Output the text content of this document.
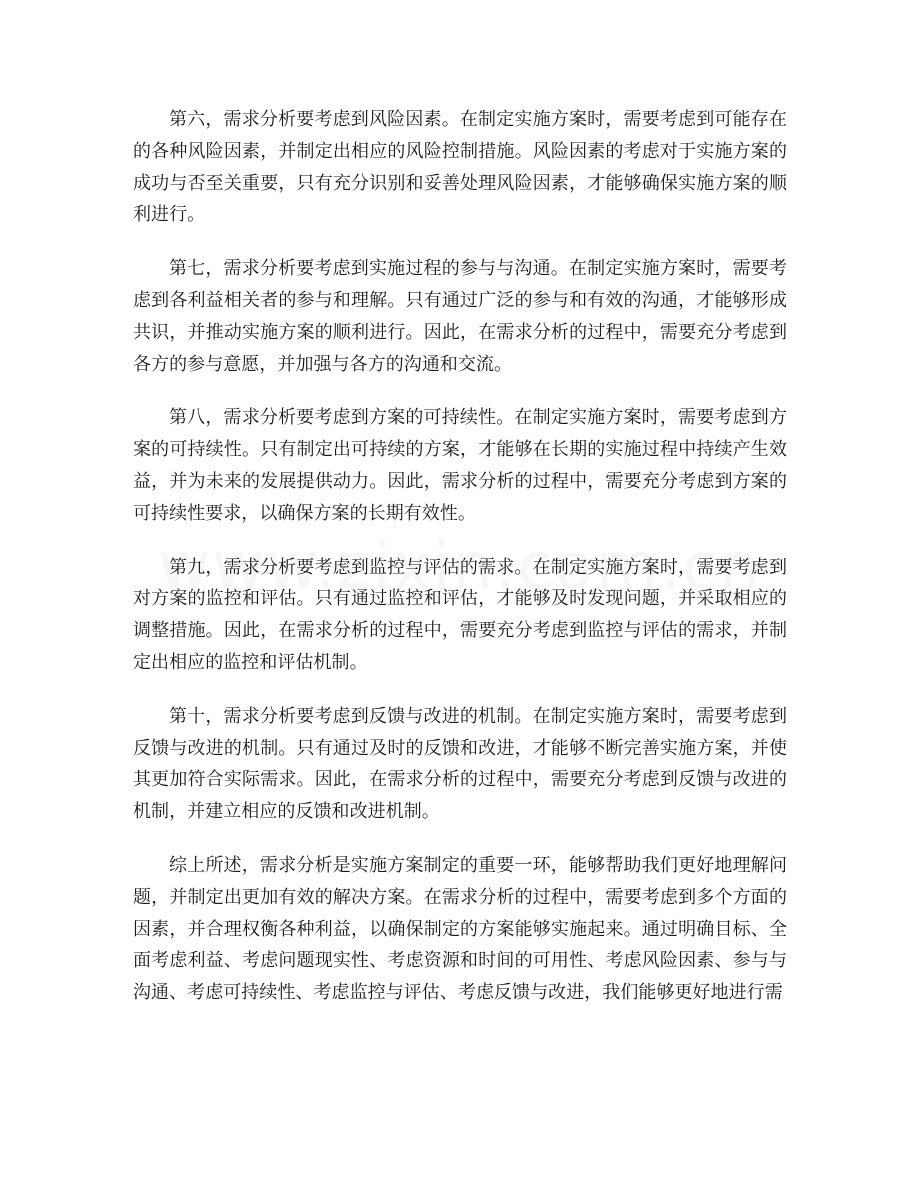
第六，需求分析要考虑到风险因素。在制定实施方案时，需要考虑到可能存在的各种风险因素，并制定出相应的风险控制措施。风险因素的考虑对于实施方案的成功与否至关重要，只有充分识别和妥善处理风险因素，才能够确保实施方案的顺利进行。

第七，需求分析要考虑到实施过程的参与与沟通。在制定实施方案时，需要考虑到各利益相关者的参与和理解。只有通过广泛的参与和有效的沟通，才能够形成共识，并推动实施方案的顺利进行。因此，在需求分析的过程中，需要充分考虑到各方的参与意愿，并加强与各方的沟通和交流。

第八，需求分析要考虑到方案的可持续性。在制定实施方案时，需要考虑到方案的可持续性。只有制定出可持续的方案，才能够在长期的实施过程中持续产生效益，并为未来的发展提供动力。因此，需求分析的过程中，需要充分考虑到方案的可持续性要求，以确保方案的长期有效性。

第九，需求分析要考虑到监控与评估的需求。在制定实施方案时，需要考虑到对方案的监控和评估。只有通过监控和评估，才能够及时发现问题，并采取相应的调整措施。因此，在需求分析的过程中，需要充分考虑到监控与评估的需求，并制定出相应的监控和评估机制。

第十，需求分析要考虑到反馈与改进的机制。在制定实施方案时，需要考虑到反馈与改进的机制。只有通过及时的反馈和改进，才能够不断完善实施方案，并使其更加符合实际需求。因此，在需求分析的过程中，需要充分考虑到反馈与改进的机制，并建立相应的反馈和改进机制。

综上所述，需求分析是实施方案制定的重要一环，能够帮助我们更好地理解问题，并制定出更加有效的解决方案。在需求分析的过程中，需要考虑到多个方面的因素，并合理权衡各种利益，以确保制定的方案能够实施起来。通过明确目标、全面考虑利益、考虑问题现实性、考虑资源和时间的可用性、考虑风险因素、参与与沟通、考虑可持续性、考虑监控与评估、考虑反馈与改进，我们能够更好地进行需
